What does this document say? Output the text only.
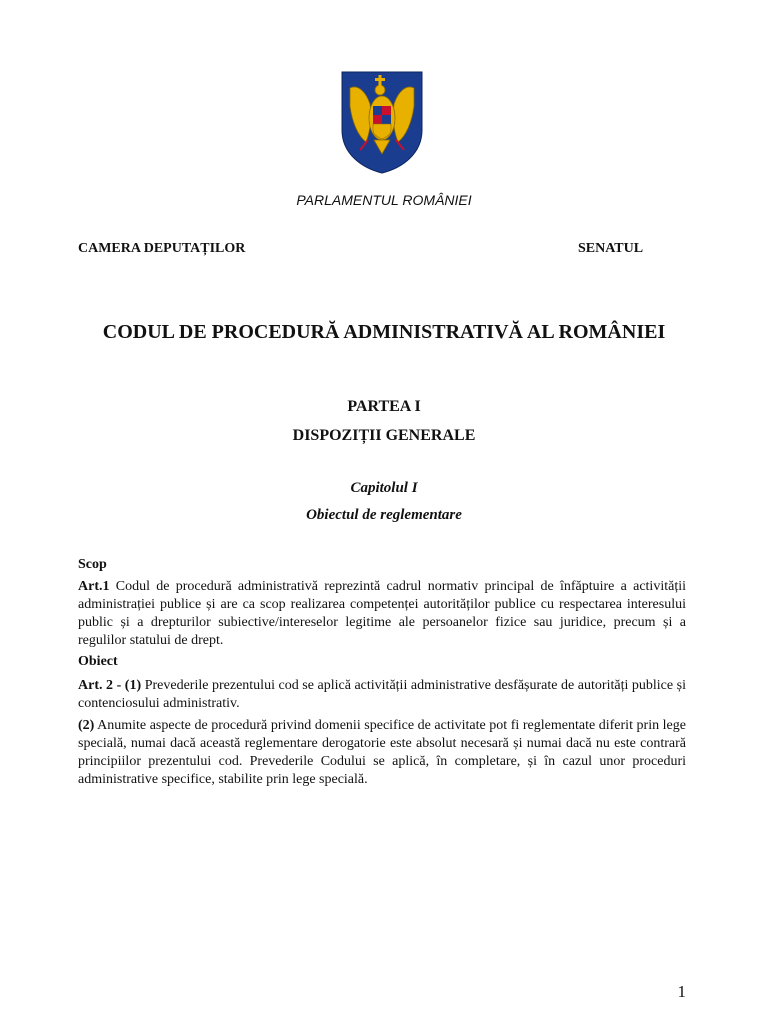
PARLAMENTUL ROMÂNIEI
CAMERA DEPUTAȚILOR	SENATUL
CODUL DE PROCEDURĂ ADMINISTRATIVĂ AL ROMÂNIEI
PARTEA I
DISPOZIȚII GENERALE
Capitolul I
Obiectul de reglementare

Scop

Art.1 Codul de procedură administrativă reprezintă cadrul normativ principal de înfăptuire a activității administrației publice și are ca scop realizarea competenței autorităților publice cu respectarea interesului public și a drepturilor subiective/intereselor legitime ale persoanelor fizice sau juridice, precum și a regulilor statului de drept.

Obiect

Art. 2 - (1) Prevederile prezentului cod se aplică activității administrative desfășurate de autorități publice și contenciosului administrativ.

(2) Anumite aspecte de procedură privind domenii specifice de activitate pot fi reglementate diferit prin lege specială, numai dacă această reglementare derogatorie este absolut necesară și numai dacă nu este contrară principiilor prezentului cod. Prevederile Codului se aplică, în completare, și în cazul unor proceduri administrative specifice, stabilite prin lege specială.

1
